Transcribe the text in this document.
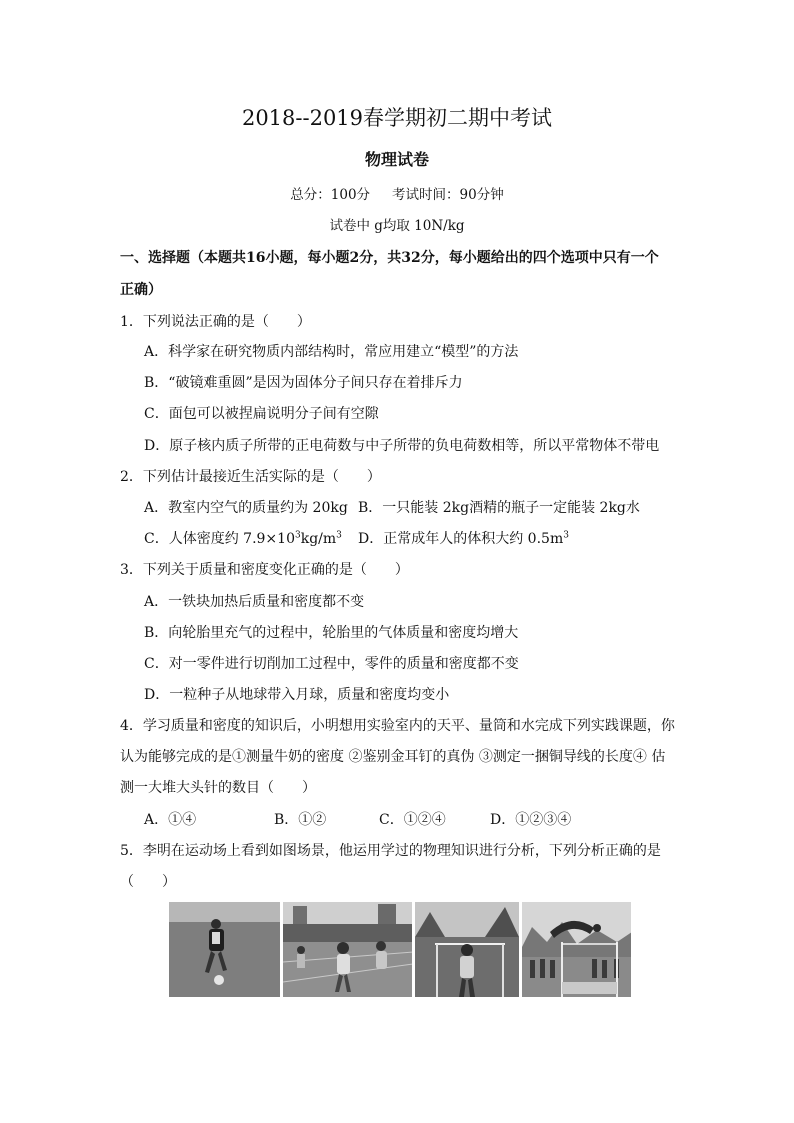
2018--2019春学期初二期中考试
物理试卷
总分：100分 考试时间：90分钟
试卷中 g均取 10N/kg
一、选择题（本题共16小题，每小题2分，共32分，每小题给出的四个选项中只有一个
正确）
1．下列说法正确的是（　　）
A．科学家在研究物质内部结构时，常应用建立“模型”的方法
B．“破镜难重圆”是因为固体分子间只存在着排斥力
C．面包可以被捏扁说明分子间有空隙
D．原子核内质子所带的正电荷数与中子所带的负电荷数相等，所以平常物体不带电
2．下列估计最接近生活实际的是（　　）
A．教室内空气的质量约为 20kg B．一只能装 2kg酒精的瓶子一定能装 2kg水
C．人体密度约 $7.9\times 10^3kg/m^3$ D．正常成年人的体积大约 $0.5m^3$
3．下列关于质量和密度变化正确的是（　　）
A．一铁块加热后质量和密度都不变
B．向轮胎里充气的过程中，轮胎里的气体质量和密度均增大
C．对一零件进行切削加工过程中，零件的质量和密度都不变
D．一粒种子从地球带入月球，质量和密度均变小
4．学习质量和密度的知识后，小明想用实验室内的天平、量筒和水完成下列实践课题，你
认为能够完成的是①测量牛奶的密度 ②鉴别金耳钉的真伪 ③测定一捆铜导线的长度④ 估
测一大堆大头针的数目（　　）
A．①④	B．①②	C．①②④	D．①②③④
5．李明在运动场上看到如图场景，他运用学过的物理知识进行分析，下列分析正确的是
（　　）
